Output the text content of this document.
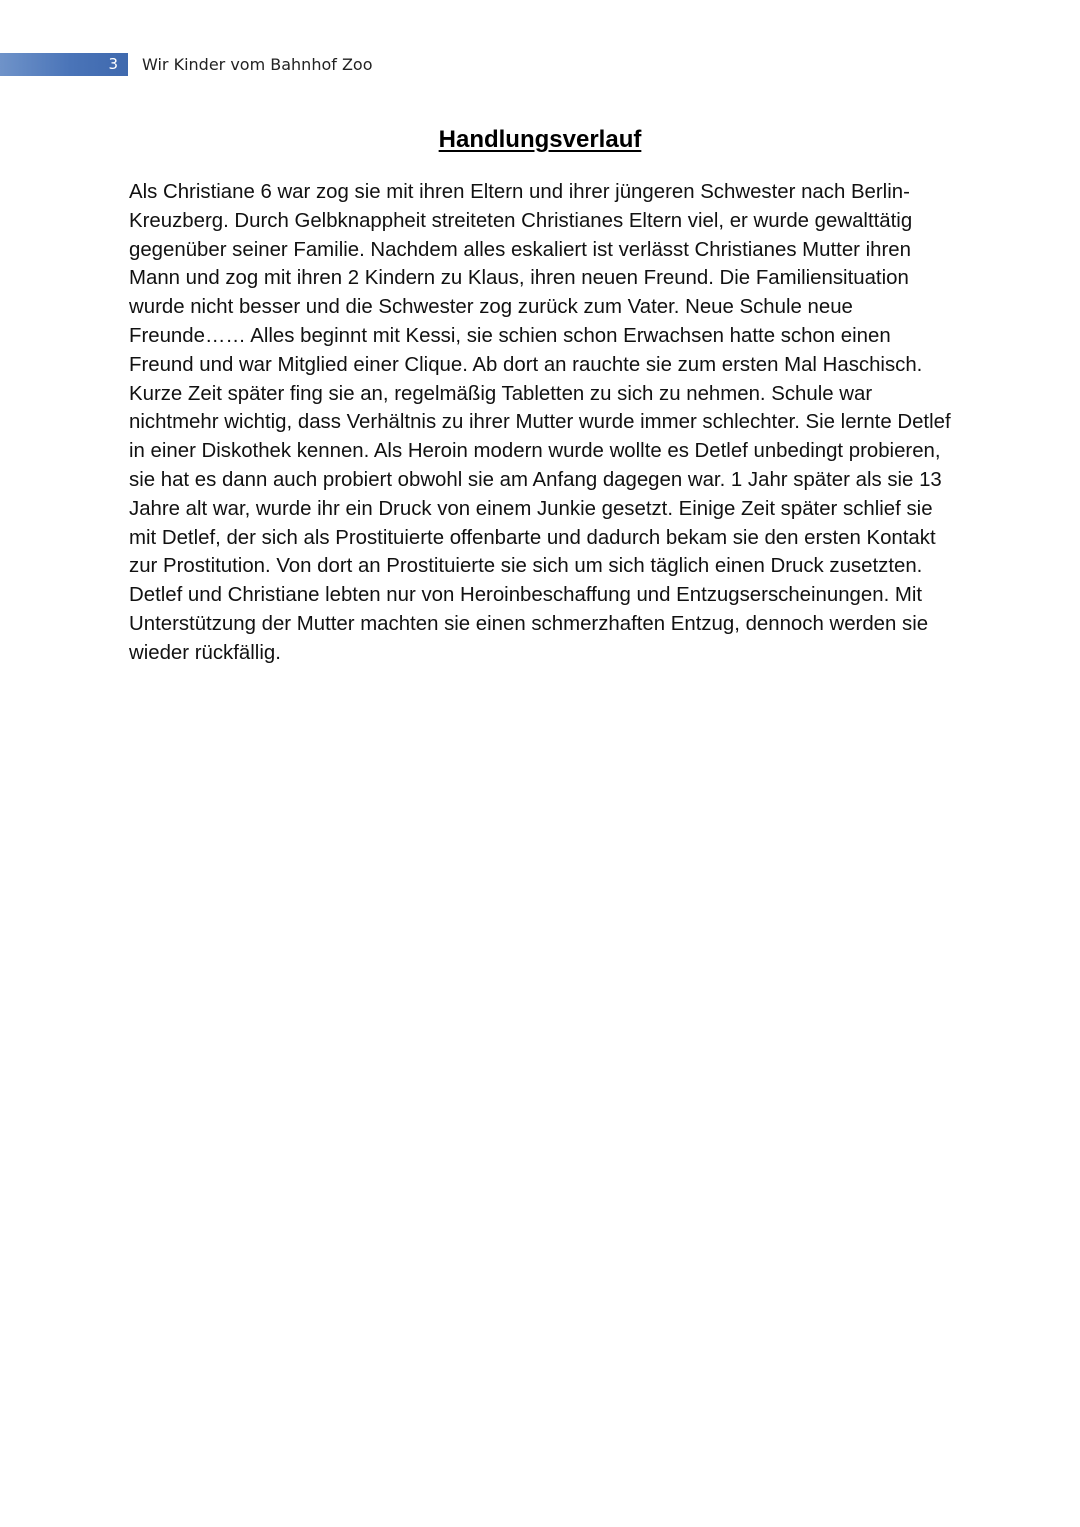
3 Wir Kinder vom Bahnhof Zoo
Handlungsverlauf

Als Christiane 6 war zog sie mit ihren Eltern und ihrer jüngeren Schwester nach Berlin-Kreuzberg. Durch Gelbknappheit streiteten Christianes Eltern viel, er wurde gewalttätig gegenüber seiner Familie. Nachdem alles eskaliert ist verlässt Christianes Mutter ihren Mann und zog mit ihren 2 Kindern zu Klaus, ihren neuen Freund. Die Familiensituation wurde nicht besser und die Schwester zog zurück zum Vater. Neue Schule neue Freunde…… Alles beginnt mit Kessi, sie schien schon Erwachsen hatte schon einen Freund und war Mitglied einer Clique. Ab dort an rauchte sie zum ersten Mal Haschisch. Kurze Zeit später fing sie an, regelmäßig Tabletten zu sich zu nehmen. Schule war nichtmehr wichtig, dass Verhältnis zu ihrer Mutter wurde immer schlechter. Sie lernte Detlef in einer Diskothek kennen. Als Heroin modern wurde wollte es Detlef unbedingt probieren, sie hat es dann auch probiert obwohl sie am Anfang dagegen war. 1 Jahr später als sie 13 Jahre alt war, wurde ihr ein Druck von einem Junkie gesetzt. Einige Zeit später schlief sie mit Detlef, der sich als Prostituierte offenbarte und dadurch bekam sie den ersten Kontakt zur Prostitution. Von dort an Prostituierte sie sich um sich täglich einen Druck zusetzten. Detlef und Christiane lebten nur von Heroinbeschaffung und Entzugserscheinungen. Mit Unterstützung der Mutter machten sie einen schmerzhaften Entzug, dennoch werden sie wieder rückfällig.
